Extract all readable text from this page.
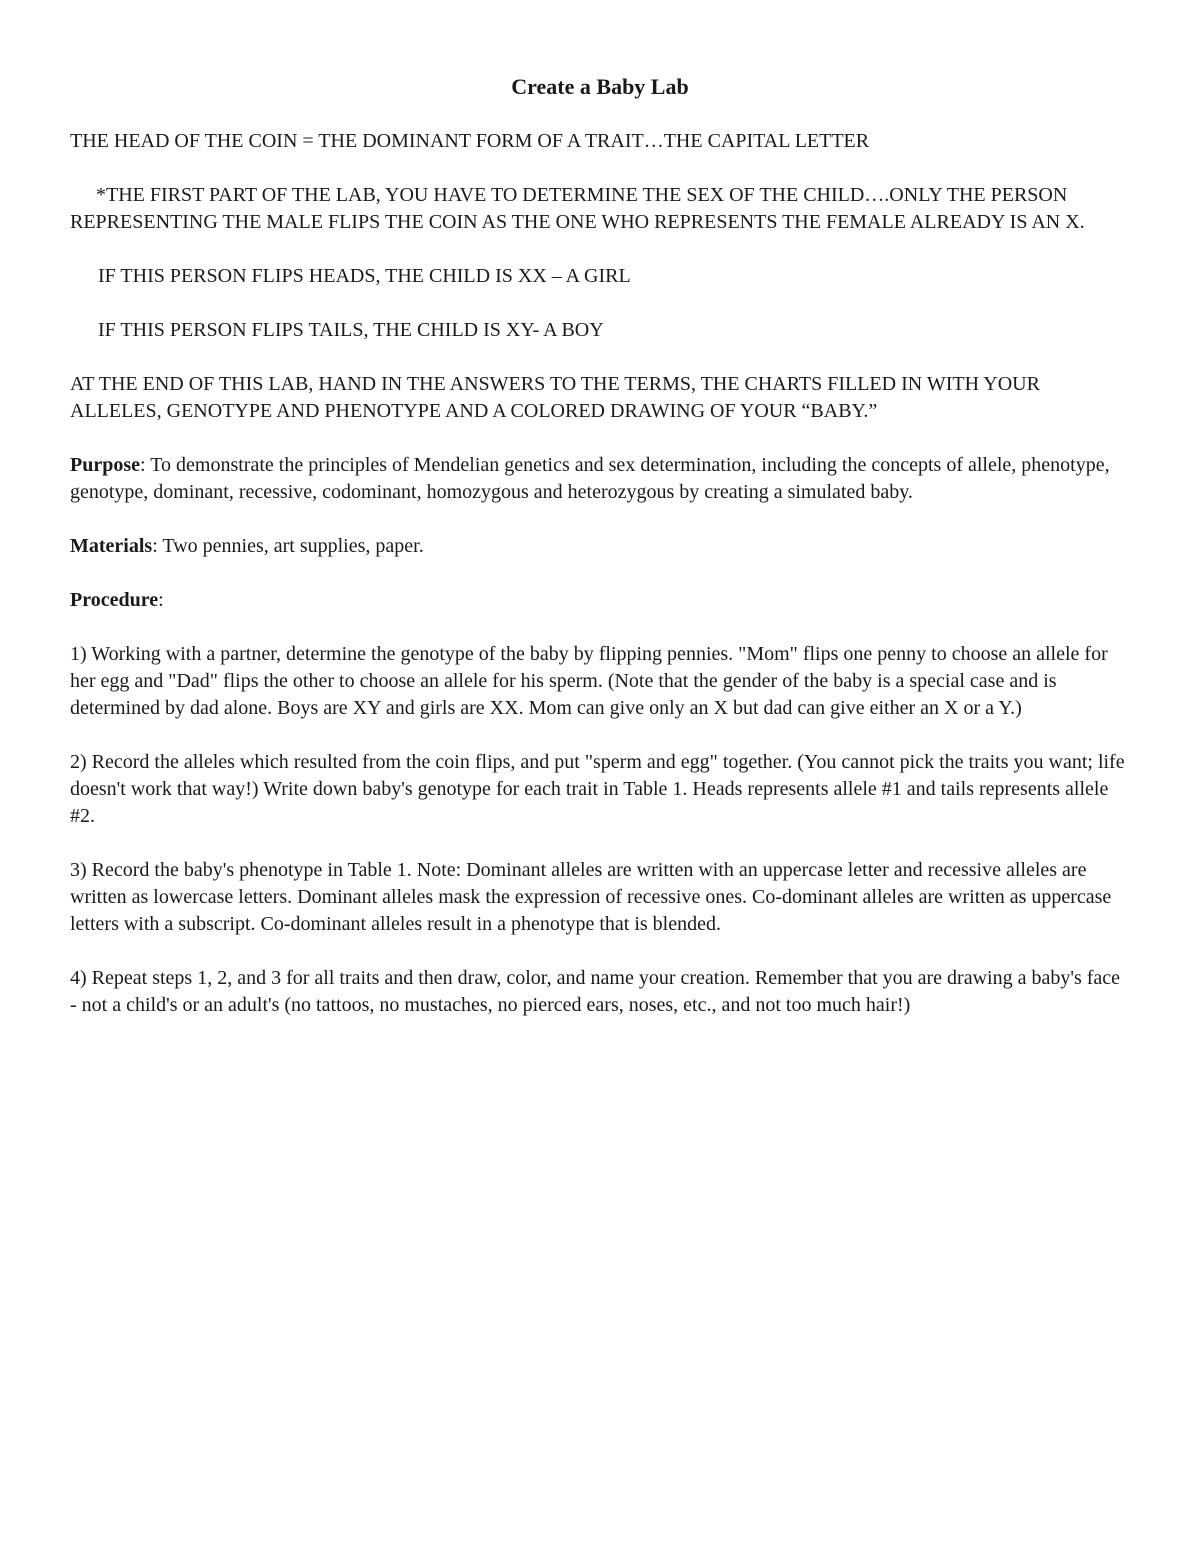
Create a Baby Lab

THE HEAD OF THE COIN = THE DOMINANT FORM OF A TRAIT…THE CAPITAL LETTER

*THE FIRST PART OF THE LAB, YOU HAVE TO DETERMINE THE SEX OF THE CHILD….ONLY THE PERSON REPRESENTING THE MALE FLIPS THE COIN AS THE ONE WHO REPRESENTS THE FEMALE ALREADY IS AN X.

IF THIS PERSON FLIPS HEADS, THE CHILD IS XX – A GIRL

IF THIS PERSON FLIPS TAILS, THE CHILD IS XY- A BOY

AT THE END OF THIS LAB, HAND IN THE ANSWERS TO THE TERMS, THE CHARTS FILLED IN WITH YOUR ALLELES, GENOTYPE AND PHENOTYPE AND A COLORED DRAWING OF YOUR “BABY.”

Purpose: To demonstrate the principles of Mendelian genetics and sex determination, including the concepts of allele, phenotype, genotype, dominant, recessive, codominant, homozygous and heterozygous by creating a simulated baby.

Materials: Two pennies, art supplies, paper.

Procedure:

1) Working with a partner, determine the genotype of the baby by flipping pennies. "Mom" flips one penny to choose an allele for her egg and "Dad" flips the other to choose an allele for his sperm. (Note that the gender of the baby is a special case and is determined by dad alone. Boys are XY and girls are XX. Mom can give only an X but dad can give either an X or a Y.)

2) Record the alleles which resulted from the coin flips, and put "sperm and egg" together. (You cannot pick the traits you want; life doesn't work that way!) Write down baby's genotype for each trait in Table 1. Heads represents allele #1 and tails represents allele #2.

3) Record the baby's phenotype in Table 1. Note: Dominant alleles are written with an uppercase letter and recessive alleles are written as lowercase letters. Dominant alleles mask the expression of recessive ones. Co-dominant alleles are written as uppercase letters with a subscript. Co-dominant alleles result in a phenotype that is blended.

4) Repeat steps 1, 2, and 3 for all traits and then draw, color, and name your creation. Remember that you are drawing a baby's face - not a child's or an adult's (no tattoos, no mustaches, no pierced ears, noses, etc., and not too much hair!)
